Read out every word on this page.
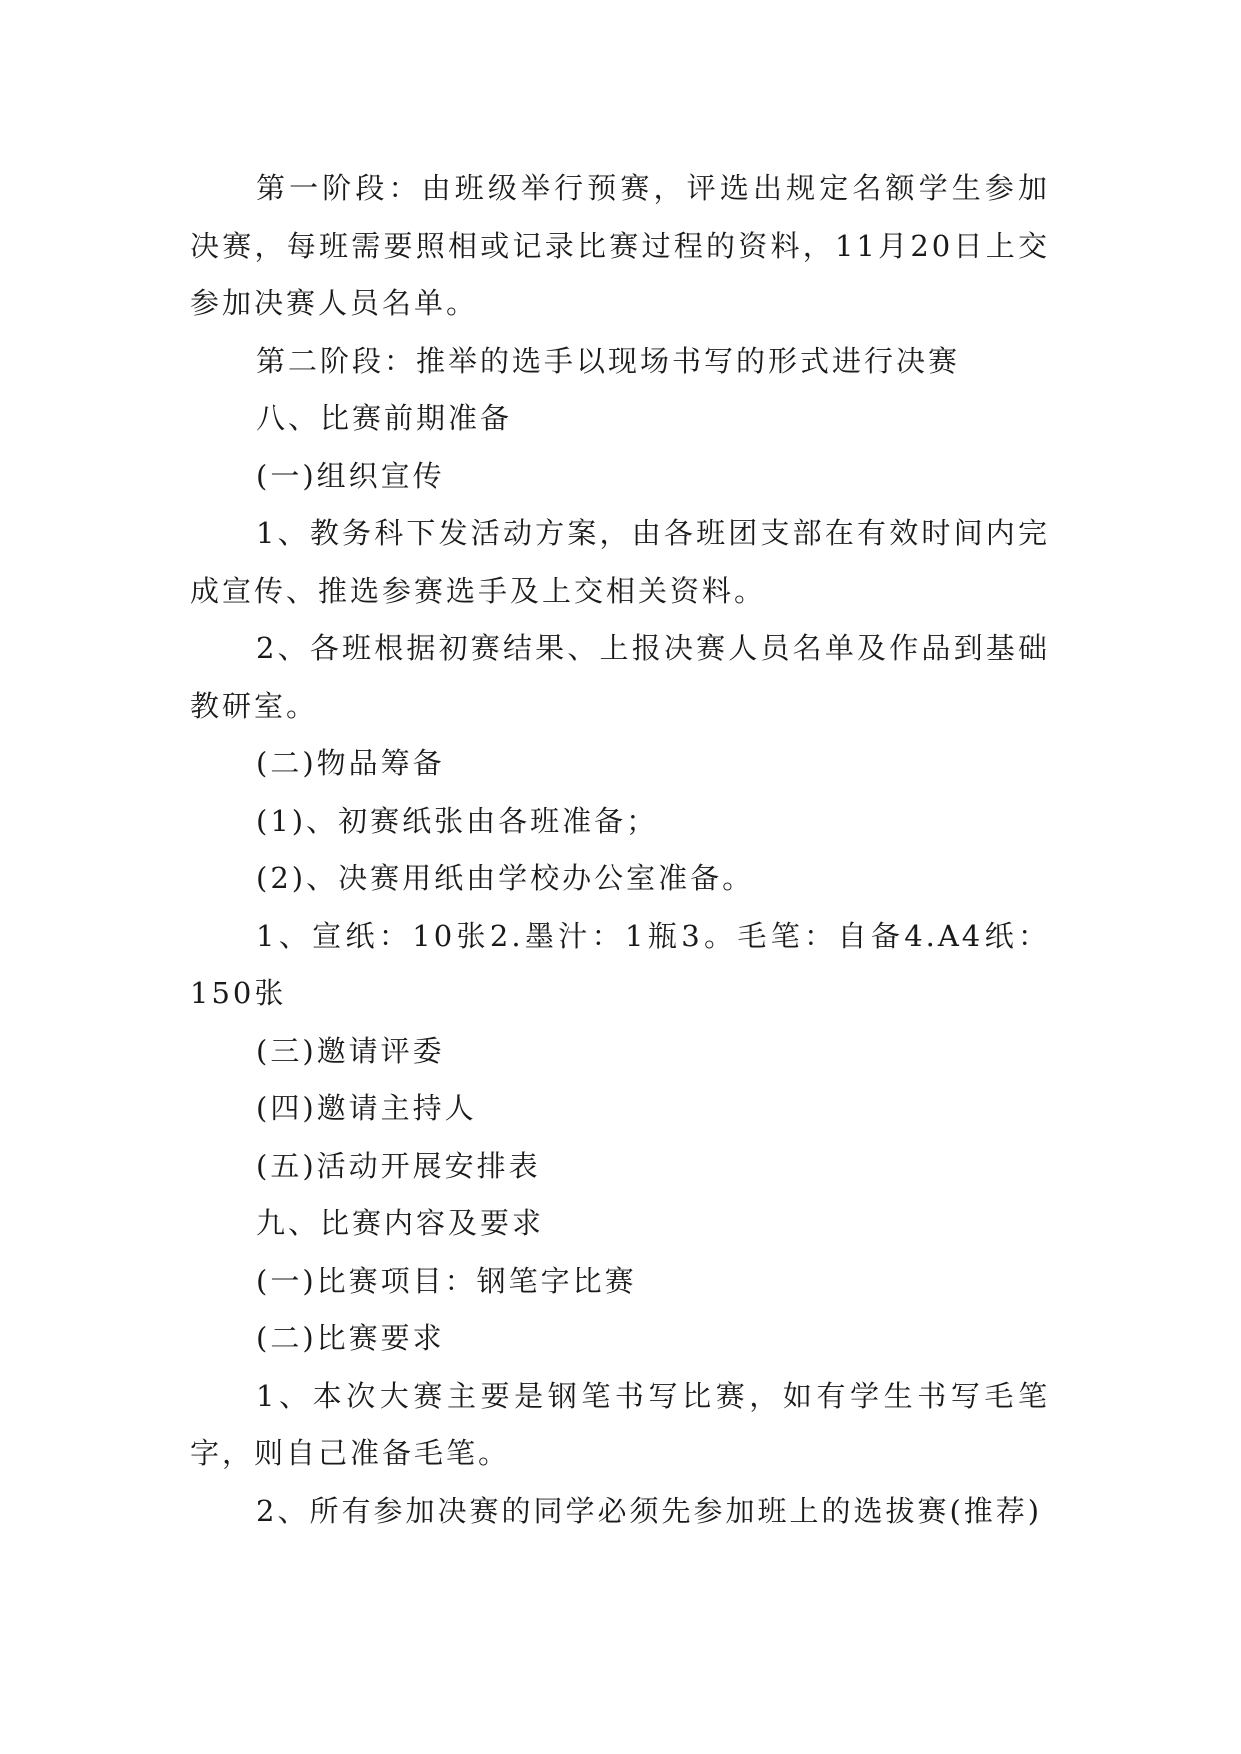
第一阶段：由班级举行预赛，评选出规定名额学生参加决赛，每班需要照相或记录比赛过程的资料，11月20日上交参加决赛人员名单。

第二阶段：推举的选手以现场书写的形式进行决赛

八、比赛前期准备

(一)组织宣传

1、教务科下发活动方案，由各班团支部在有效时间内完成宣传、推选参赛选手及上交相关资料。

2、各班根据初赛结果、上报决赛人员名单及作品到基础教研室。

(二)物品筹备

(1)、初赛纸张由各班准备；

(2)、决赛用纸由学校办公室准备。

1、宣纸：10张2.墨汁：1瓶3。毛笔：自备4.A4纸：150张

(三)邀请评委

(四)邀请主持人

(五)活动开展安排表

九、比赛内容及要求

(一)比赛项目：钢笔字比赛

(二)比赛要求

1、本次大赛主要是钢笔书写比赛，如有学生书写毛笔字，则自己准备毛笔。

2、所有参加决赛的同学必须先参加班上的选拔赛(推荐)
